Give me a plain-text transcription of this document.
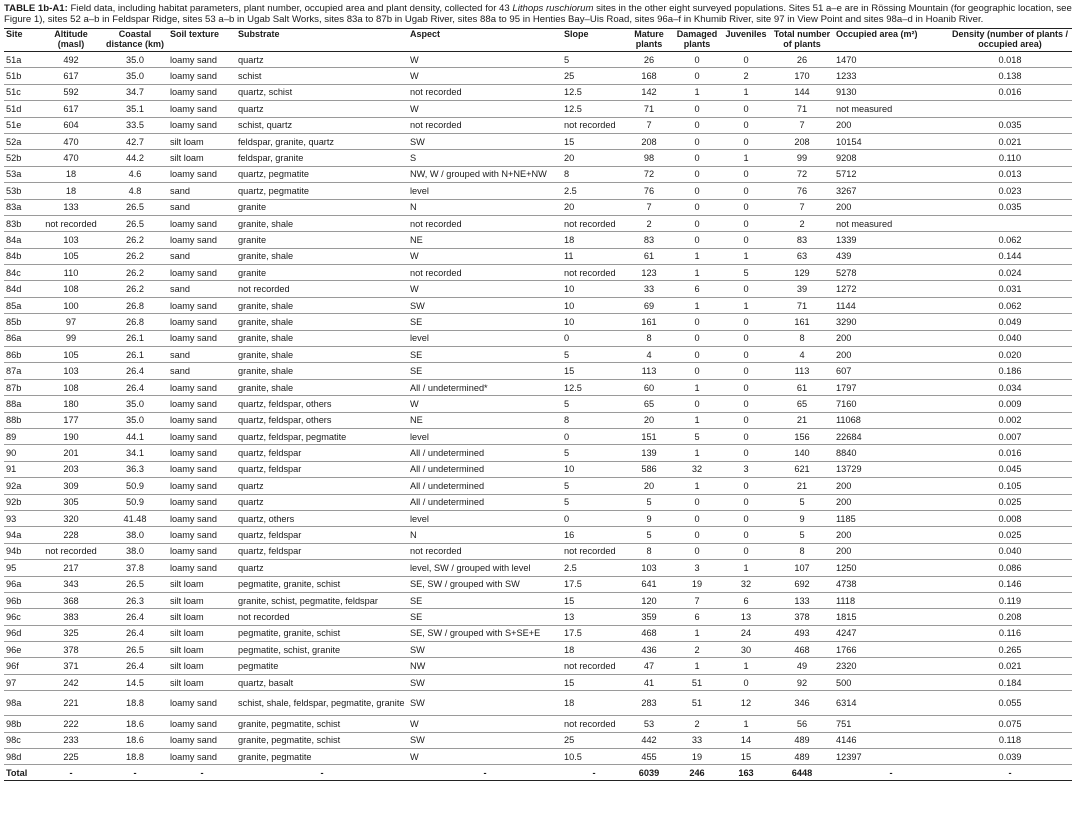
TABLE 1b-A1: Field data, including habitat parameters, plant number, occupied area and plant density, collected for 43 Lithops ruschiorum sites in the other eight surveyed populations. Sites 51 a–e are in Rössing Mountain (for geographic location, see Figure 1), sites 52 a–b in Feldspar Ridge, sites 53 a–b in Ugab Salt Works, sites 83a to 87b in Ugab River, sites 88a to 95 in Henties Bay–Uis Road, sites 96a–f in Khumib River, site 97 in View Point and sites 98a–d in Hoanib River.

Site	Altitude (masl)	Coastal distance (km)	Soil texture	Substrate	Aspect	Slope	Mature plants	Damaged plants	Juveniles	Total number of plants	Occupied area (m²)	Density (number of plants / occupied area)
51a	492	35.0	loamy sand	quartz	W	5	26	0	0	26	1470	0.018
51b	617	35.0	loamy sand	schist	W	25	168	0	2	170	1233	0.138
51c	592	34.7	loamy sand	quartz, schist	not recorded	12.5	142	1	1	144	9130	0.016
51d	617	35.1	loamy sand	quartz	W	12.5	71	0	0	71	not measured	
51e	604	33.5	loamy sand	schist, quartz	not recorded	not recorded	7	0	0	7	200	0.035
52a	470	42.7	silt loam	feldspar, granite, quartz	SW	15	208	0	0	208	10154	0.021
52b	470	44.2	silt loam	feldspar, granite	S	20	98	0	1	99	9208	0.110
53a	18	4.6	loamy sand	quartz, pegmatite	NW, W / grouped with N+NE+NW	8	72	0	0	72	5712	0.013
53b	18	4.8	sand	quartz, pegmatite	level	2.5	76	0	0	76	3267	0.023
83a	133	26.5	sand	granite	N	20	7	0	0	7	200	0.035
83b	not recorded	26.5	loamy sand	granite, shale	not recorded	not recorded	2	0	0	2	not measured	
84a	103	26.2	loamy sand	granite	NE	18	83	0	0	83	1339	0.062
84b	105	26.2	sand	granite, shale	W	11	61	1	1	63	439	0.144
84c	110	26.2	loamy sand	granite	not recorded	not recorded	123	1	5	129	5278	0.024
84d	108	26.2	sand	not recorded	W	10	33	6	0	39	1272	0.031
85a	100	26.8	loamy sand	granite, shale	SW	10	69	1	1	71	1144	0.062
85b	97	26.8	loamy sand	granite, shale	SE	10	161	0	0	161	3290	0.049
86a	99	26.1	loamy sand	granite, shale	level	0	8	0	0	8	200	0.040
86b	105	26.1	sand	granite, shale	SE	5	4	0	0	4	200	0.020
87a	103	26.4	sand	granite, shale	SE	15	113	0	0	113	607	0.186
87b	108	26.4	loamy sand	granite, shale	All / undetermined*	12.5	60	1	0	61	1797	0.034
88a	180	35.0	loamy sand	quartz, feldspar, others	W	5	65	0	0	65	7160	0.009
88b	177	35.0	loamy sand	quartz, feldspar, others	NE	8	20	1	0	21	11068	0.002
89	190	44.1	loamy sand	quartz, feldspar, pegmatite	level	0	151	5	0	156	22684	0.007
90	201	34.1	loamy sand	quartz, feldspar	All / undetermined	5	139	1	0	140	8840	0.016
91	203	36.3	loamy sand	quartz, feldspar	All / undetermined	10	586	32	3	621	13729	0.045
92a	309	50.9	loamy sand	quartz	All / undetermined	5	20	1	0	21	200	0.105
92b	305	50.9	loamy sand	quartz	All / undetermined	5	5	0	0	5	200	0.025
93	320	41.48	loamy sand	quartz, others	level	0	9	0	0	9	1185	0.008
94a	228	38.0	loamy sand	quartz, feldspar	N	16	5	0	0	5	200	0.025
94b	not recorded	38.0	loamy sand	quartz, feldspar	not recorded	not recorded	8	0	0	8	200	0.040
95	217	37.8	loamy sand	quartz	level, SW / grouped with level	2.5	103	3	1	107	1250	0.086
96a	343	26.5	silt loam	pegmatite, granite, schist	SE, SW / grouped with SW	17.5	641	19	32	692	4738	0.146
96b	368	26.3	silt loam	granite, schist, pegmatite, feldspar	SE	15	120	7	6	133	1118	0.119
96c	383	26.4	silt loam	not recorded	SE	13	359	6	13	378	1815	0.208
96d	325	26.4	silt loam	pegmatite, granite, schist	SE, SW / grouped with S+SE+E	17.5	468	1	24	493	4247	0.116
96e	378	26.5	silt loam	pegmatite, schist, granite	SW	18	436	2	30	468	1766	0.265
96f	371	26.4	silt loam	pegmatite	NW	not recorded	47	1	1	49	2320	0.021
97	242	14.5	silt loam	quartz, basalt	SW	15	41	51	0	92	500	0.184
98a	221	18.8	loamy sand	schist, shale, feldspar, pegmatite, granite	SW	18	283	51	12	346	6314	0.055
98b	222	18.6	loamy sand	granite, pegmatite, schist	W	not recorded	53	2	1	56	751	0.075
98c	233	18.6	loamy sand	granite, pegmatite, schist	SW	25	442	33	14	489	4146	0.118
98d	225	18.8	loamy sand	granite, pegmatite	W	10.5	455	19	15	489	12397	0.039
Total	-	-	-	-	-	-	6039	246	163	6448	-	-
